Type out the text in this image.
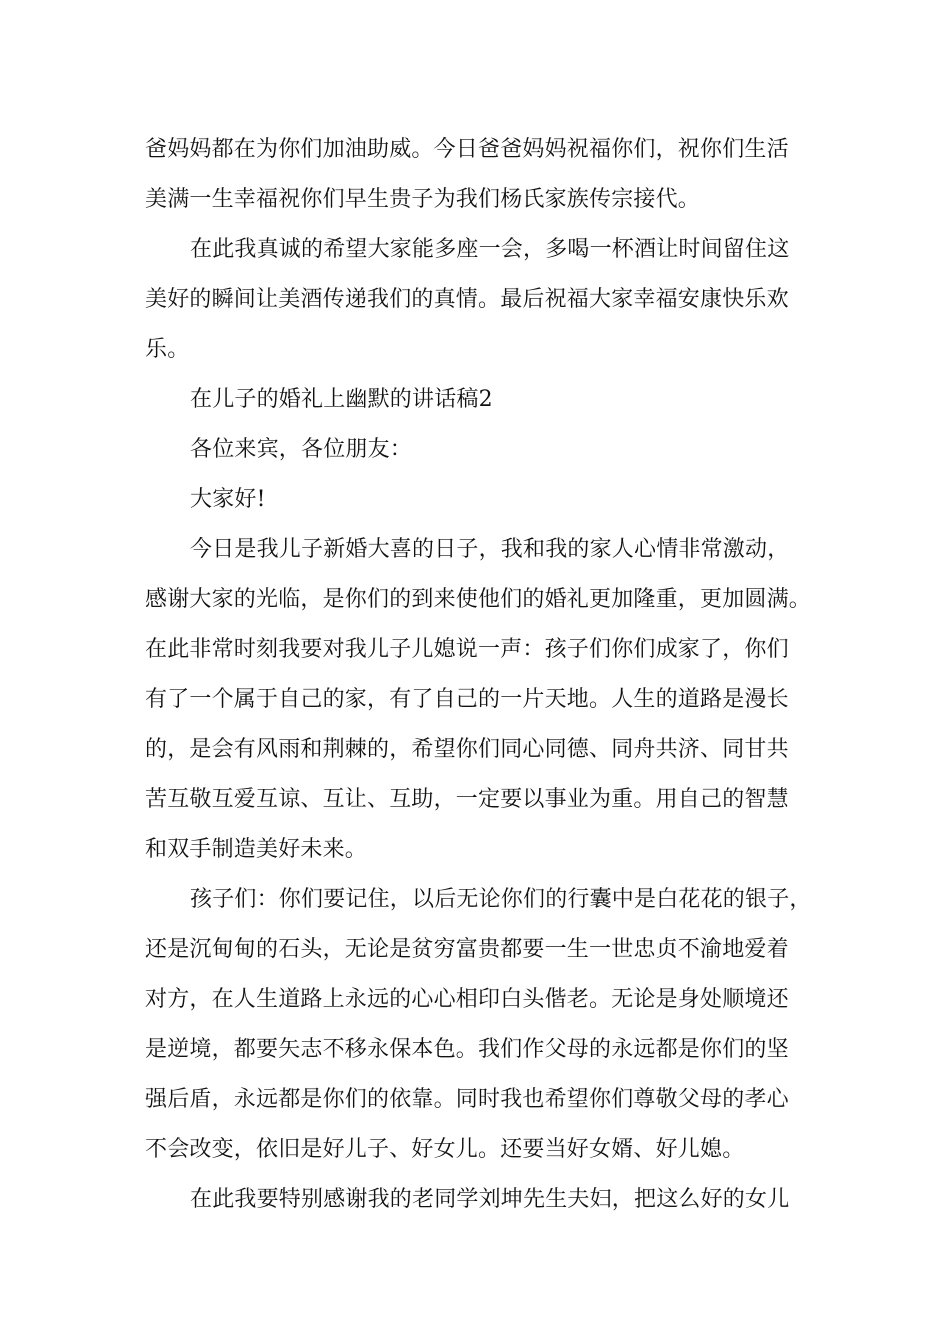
爸妈妈都在为你们加油助威。今日爸爸妈妈祝福你们，祝你们生活
美满一生幸福祝你们早生贵子为我们杨氏家族传宗接代。
在此我真诚的希望大家能多座一会，多喝一杯酒让时间留住这
美好的瞬间让美酒传递我们的真情。最后祝福大家幸福安康快乐欢
乐。
在儿子的婚礼上幽默的讲话稿2
各位来宾，各位朋友：
大家好!
今日是我儿子新婚大喜的日子，我和我的家人心情非常激动，
感谢大家的光临，是你们的到来使他们的婚礼更加隆重，更加圆满。
在此非常时刻我要对我儿子儿媳说一声：孩子们你们成家了，你们
有了一个属于自己的家，有了自己的一片天地。人生的道路是漫长
的，是会有风雨和荆棘的，希望你们同心同德、同舟共济、同甘共
苦互敬互爱互谅、互让、互助，一定要以事业为重。用自己的智慧
和双手制造美好未来。
孩子们：你们要记住，以后无论你们的行囊中是白花花的银子，
还是沉甸甸的石头，无论是贫穷富贵都要一生一世忠贞不渝地爱着
对方，在人生道路上永远的心心相印白头偕老。无论是身处顺境还
是逆境，都要矢志不移永保本色。我们作父母的永远都是你们的坚
强后盾，永远都是你们的依靠。同时我也希望你们尊敬父母的孝心
不会改变，依旧是好儿子、好女儿。还要当好女婿、好儿媳。
在此我要特别感谢我的老同学刘坤先生夫妇，把这么好的女儿
